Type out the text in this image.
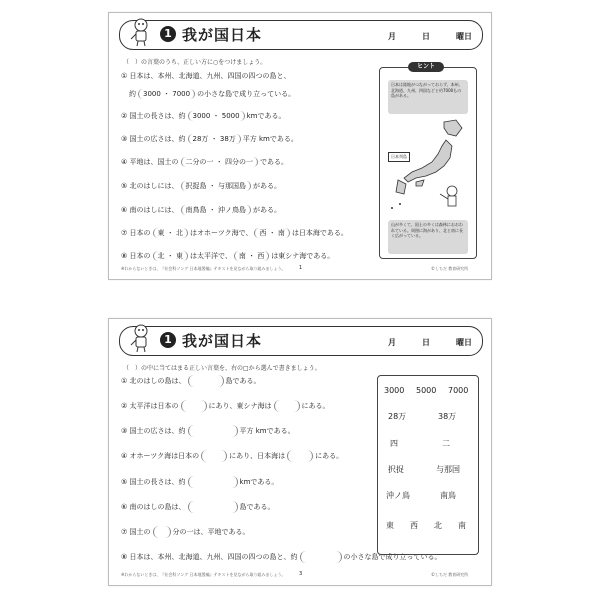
1 我が国日本	月	日	曜日
（　）の言葉のうち、正しい方に○をつけましょう。
① 日本は、本州、北海道、九州、四国の四つの島と、
約 3000 ・ 7000 の小さな島で成り立っている。
② 国土の長さは、約 3000 ・ 5000 kmである。
③ 国土の広さは、約 28万 ・ 38万 平方 kmである。
④ 平地は、国土の 二分の一 ・ 四分の一 である。
⑤ 北のはしには、 択捉島 ・ 与那国島 がある。
⑥ 南のはしには、 南鳥島 ・ 沖ノ鳥島 がある。
⑦ 日本の 東 ・ 北 はオホーツク海で、 西 ・ 南 は日本海である。
⑧ 日本の 北 ・ 東 は太平洋で、 南 ・ 西 は東シナ海である。
ヒント
日本は陸地がつながっておらず、本州、北海道、九州、四国などと約7000もの島がある。
日本列島
山が多くて、国土の多くは森林におおわれている。周囲に海があり、北と南に長く広がっている。
※わからないときは、『社会科ソング 日本地図編』テキストを見ながら取り組みましょう。	1	©しちだ 教育研究所
1 我が国日本	月	日	曜日
（　）の中に当てはまる正しい言葉を、右の□から選んで書きましょう。
① 北のはしの島は、	島である。
② 太平洋は日本の	にあり、東シナ海は	にある。
③ 国土の広さは、約	平方 kmである。
④ オホーツク海は日本の	にあり、日本海は	にある。
⑤ 国土の長さは、約	kmである。
⑥ 南のはしの島は、	島である。
⑦ 国土の	分の一は、平地である。
⑧ 日本は、本州、北海道、九州、四国の四つの島と、約	の小さな島で成り立っている。
3000 5000 7000
28万	38万
四	二
択捉	与那国
沖ノ鳥	南鳥
東 西 北 南
※わからないときは、『社会科ソング 日本地図編』テキストを見ながら取り組みましょう。	3	©しちだ 教育研究所
